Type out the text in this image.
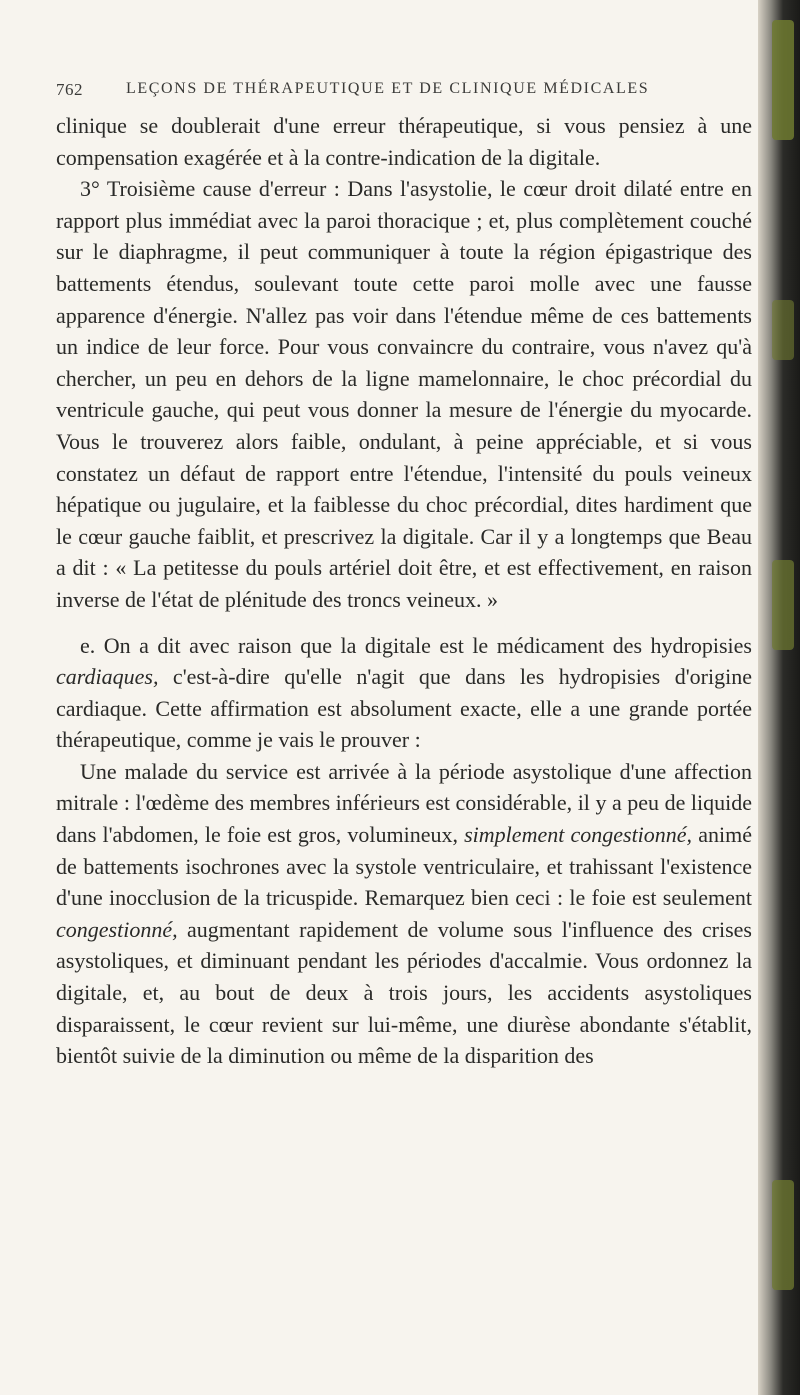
762	LEÇONS DE THÉRAPEUTIQUE ET DE CLINIQUE MÉDICALES

clinique se doublerait d'une erreur thérapeutique, si vous pensiez à une compensation exagérée et à la contre-indication de la digitale.

3° Troisième cause d'erreur : Dans l'asystolie, le cœur droit dilaté entre en rapport plus immédiat avec la paroi thoracique ; et, plus complètement couché sur le diaphragme, il peut communiquer à toute la région épigastrique des battements étendus, soulevant toute cette paroi molle avec une fausse apparence d'énergie. N'allez pas voir dans l'étendue même de ces battements un indice de leur force. Pour vous convaincre du contraire, vous n'avez qu'à chercher, un peu en dehors de la ligne mamelonnaire, le choc précordial du ventricule gauche, qui peut vous donner la mesure de l'énergie du myocarde. Vous le trouverez alors faible, ondulant, à peine appréciable, et si vous constatez un défaut de rapport entre l'étendue, l'intensité du pouls veineux hépatique ou jugulaire, et la faiblesse du choc précordial, dites hardiment que le cœur gauche faiblit, et prescrivez la digitale. Car il y a longtemps que Beau a dit : « La petitesse du pouls artériel doit être, et est effectivement, en raison inverse de l'état de plénitude des troncs veineux. »

e. On a dit avec raison que la digitale est le médicament des hydropisies cardiaques, c'est-à-dire qu'elle n'agit que dans les hydropisies d'origine cardiaque. Cette affirmation est absolument exacte, elle a une grande portée thérapeutique, comme je vais le prouver :

Une malade du service est arrivée à la période asystolique d'une affection mitrale : l'œdème des membres inférieurs est considérable, il y a peu de liquide dans l'abdomen, le foie est gros, volumineux, simplement congestionné, animé de battements isochrones avec la systole ventriculaire, et trahissant l'existence d'une inocclusion de la tricuspide. Remarquez bien ceci : le foie est seulement congestionné, augmentant rapidement de volume sous l'influence des crises asystoliques, et diminuant pendant les périodes d'accalmie. Vous ordonnez la digitale, et, au bout de deux à trois jours, les accidents asystoliques disparaissent, le cœur revient sur lui-même, une diurèse abondante s'établit, bientôt suivie de la diminution ou même de la disparition des
